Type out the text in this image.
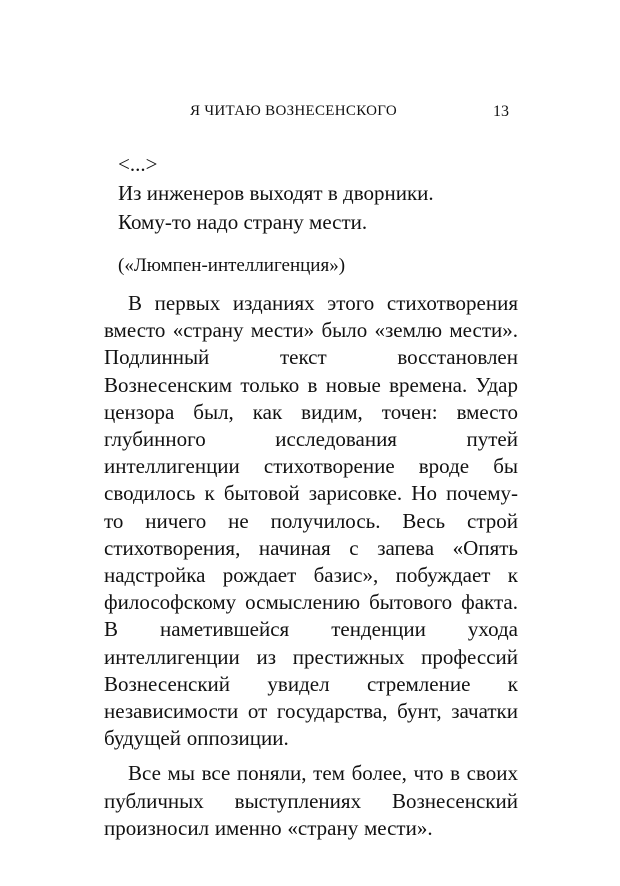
Я ЧИТАЮ ВОЗНЕСЕНСКОГО	13
<...>
Из инженеров выходят в дворники.
Кому-то надо страну мести.
(«Люмпен-интеллигенция»)

В первых изданиях этого стихотворения вместо «страну мести» было «землю мести». Подлинный текст восстановлен Вознесенским только в новые времена. Удар цензора был, как видим, точен: вместо глубинного исследования путей интеллигенции стихотворение вроде бы сводилось к бытовой зарисовке. Но почему-то ничего не получилось. Весь строй стихотворения, начиная с запева «Опять надстройка рождает базис», побуждает к философскому осмыслению бытового факта. В наметившейся тенденции ухода интеллигенции из престижных профессий Вознесенский увидел стремление к независимости от государства, бунт, зачатки будущей оппозиции.

Все мы все поняли, тем более, что в своих публичных выступлениях Вознесенский произносил именно «страну мести».
